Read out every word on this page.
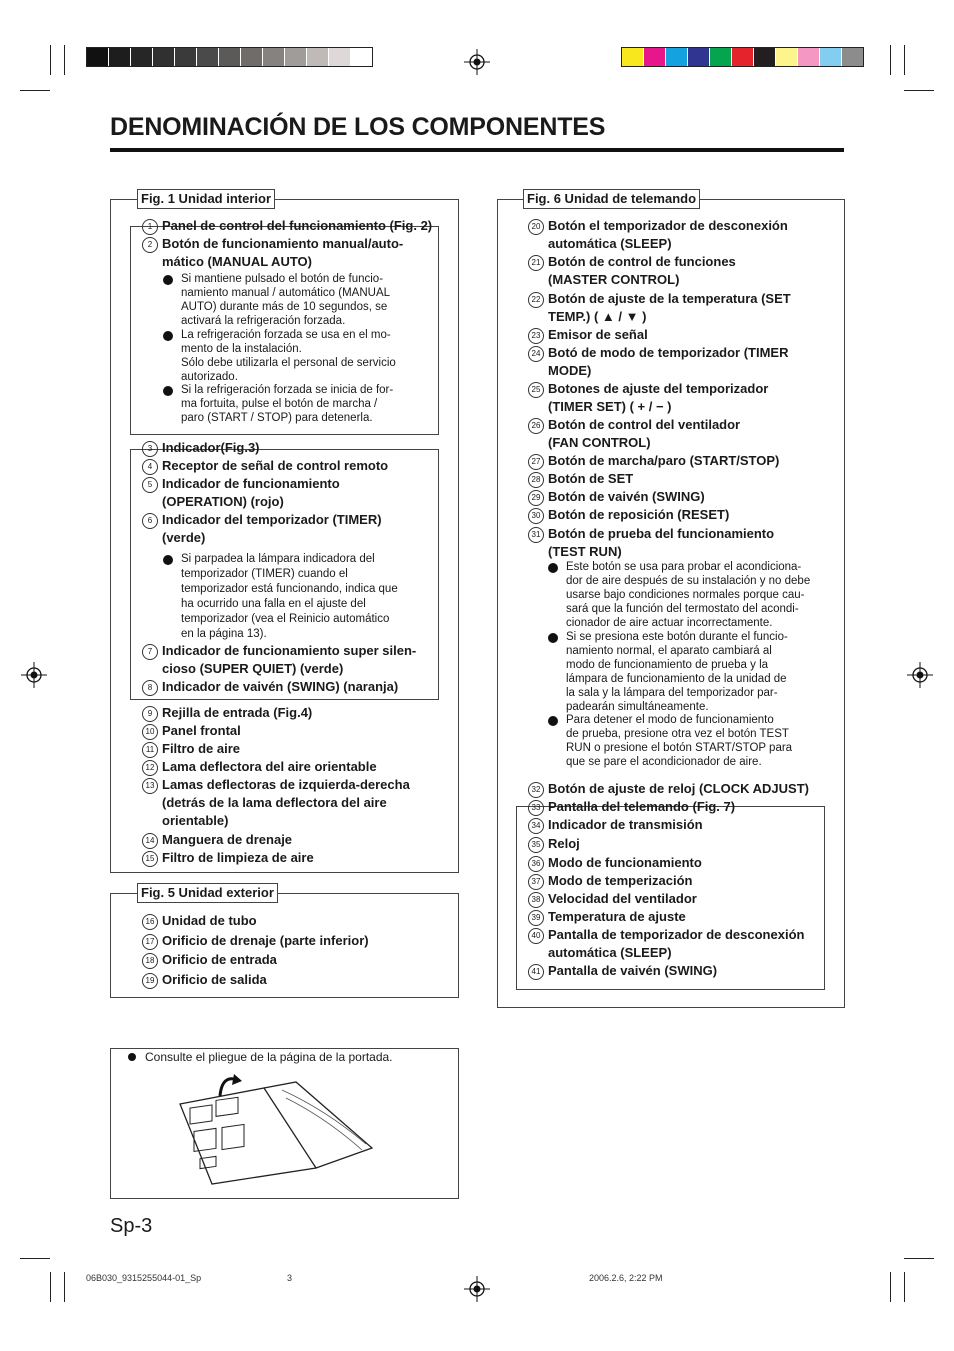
DENOMINACIÓN DE LOS COMPONENTES
Fig. 1 Unidad interior
Fig. 5 Unidad exterior
Fig. 6 Unidad de telemando
1 Panel de control del funcionamiento (Fig. 2)
2 Botón de funcionamiento manual/auto-
mático (MANUAL AUTO)
Si mantiene pulsado el botón de funcio-
namiento manual / automático (MANUAL
AUTO) durante más de 10 segundos, se
activará la refrigeración forzada.
La refrigeración forzada se usa en el mo-
mento de la instalación.
Sólo debe utilizarla el personal de servicio
autorizado.
Si la refrigeración forzada se inicia de for-
ma fortuita, pulse el botón de marcha /
paro (START / STOP) para detenerla.
3 Indicador(Fig.3)
4 Receptor de señal de control remoto
5 Indicador de funcionamiento
(OPERATION) (rojo)
6 Indicador del temporizador (TIMER)
(verde)
Si parpadea la lámpara indicadora del
temporizador (TIMER) cuando el
temporizador está funcionando, indica que
ha ocurrido una falla en el ajuste del
temporizador (vea el Reinicio automático
en la página 13).
7 Indicador de funcionamiento super silen-
cioso (SUPER QUIET) (verde)
8 Indicador de vaivén (SWING) (naranja)
9 Rejilla de entrada (Fig.4)
10 Panel frontal
11 Filtro de aire
12 Lama deflectora del aire orientable
13 Lamas deflectoras de izquierda-derecha
(detrás de la lama deflectora del aire
orientable)
14 Manguera de drenaje
15 Filtro de limpieza de aire
16 Unidad de tubo
17 Orificio de drenaje (parte inferior)
18 Orificio de entrada
19 Orificio de salida
20 Botón el temporizador de desconexión
automática (SLEEP)
21 Botón de control de funciones
(MASTER CONTROL)
22 Botón de ajuste de la temperatura (SET
TEMP.) ( ▲ / ▼ )
23 Emisor de señal
24 Botó de modo de temporizador (TIMER
MODE)
25 Botones de ajuste del temporizador
(TIMER SET) ( + / − )
26 Botón de control del ventilador
(FAN CONTROL)
27 Botón de marcha/paro (START/STOP)
28 Botón de SET
29 Botón de vaivén (SWING)
30 Botón de reposición (RESET)
31 Botón de prueba del funcionamiento
(TEST RUN)
Este botón se usa para probar el acondiciona-
dor de aire después de su instalación y no debe
usarse bajo condiciones normales porque cau-
sará que la función del termostato del acondi-
cionador de aire actuar incorrectamente.
Si se presiona este botón durante el funcio-
namiento normal, el aparato cambiará al
modo de funcionamiento de prueba y la
lámpara de funcionamiento de la unidad de
la sala y la lámpara del temporizador par-
padearán simultáneamente.
Para detener el modo de funcionamiento
de prueba, presione otra vez el botón TEST
RUN o presione el botón START/STOP para
que se pare el acondicionador de aire.
32 Botón de ajuste de reloj (CLOCK ADJUST)
33 Pantalla del telemando (Fig. 7)
34 Indicador de transmisión
35 Reloj
36 Modo de funcionamiento
37 Modo de temperización
38 Velocidad del ventilador
39 Temperatura de ajuste
40 Pantalla de temporizador de desconexión
automática (SLEEP)
41 Pantalla de vaivén (SWING)
Consulte el pliegue de la página de la portada.
Sp-3
06B030_9315255044-01_Sp	3	2006.2.6, 2:22 PM
